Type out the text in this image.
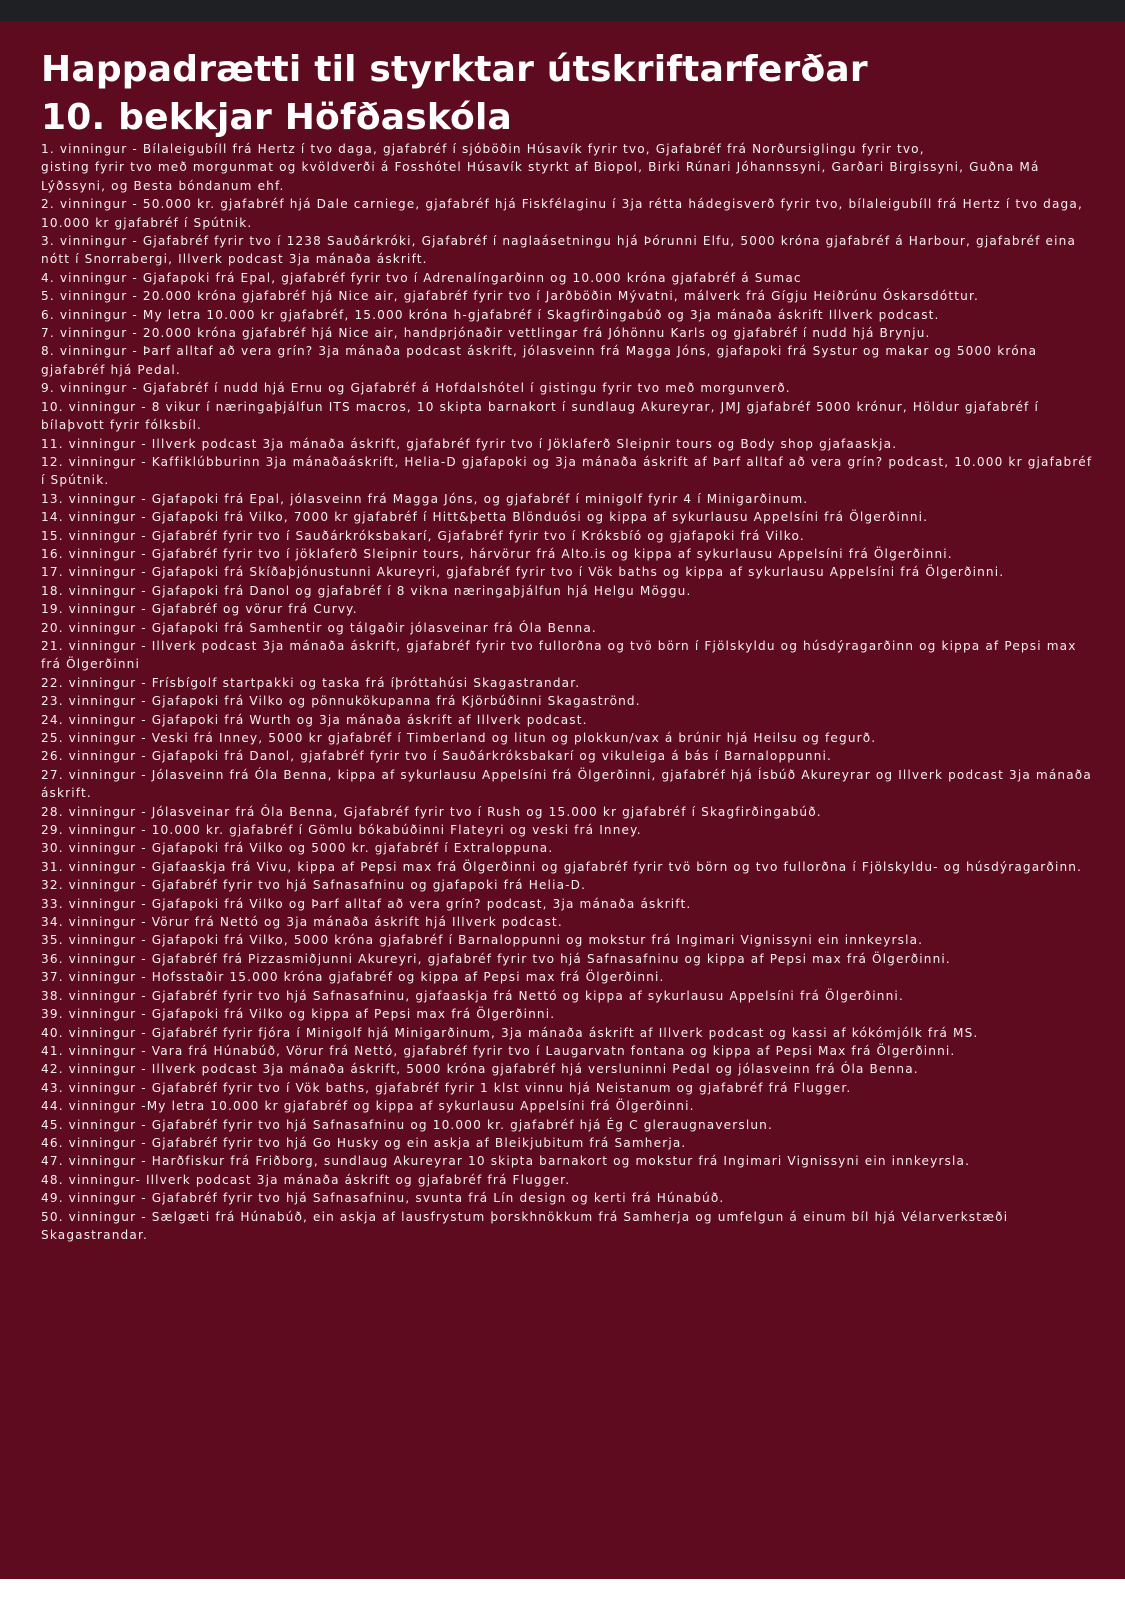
Happadrætti til styrktar útskriftarferðar
10. bekkjar Höfðaskóla
1. vinningur - Bílaleigubíll frá Hertz í tvo daga, gjafabréf í sjóböðin Húsavík fyrir tvo, Gjafabréf frá Norðursiglingu fyrir tvo,
gisting fyrir tvo með morgunmat og kvöldverði á Fosshótel Húsavík styrkt af Biopol, Birki Rúnari Jóhannssyni, Garðari Birgissyni, Guðna Má Lýðssyni, og Besta bóndanum ehf.
2. vinningur - 50.000 kr. gjafabréf hjá Dale carniege, gjafabréf hjá Fiskfélaginu í 3ja rétta hádegisverð fyrir tvo, bílaleigubíll frá Hertz í tvo daga, 10.000 kr gjafabréf í Spútnik.
3. vinningur - Gjafabréf fyrir tvo í 1238 Sauðárkróki, Gjafabréf í naglaásetningu hjá Þórunni Elfu, 5000 króna gjafabréf á Harbour, gjafabréf eina nótt í Snorrabergi, Illverk podcast 3ja mánaða áskrift.
4. vinningur - Gjafapoki frá Epal, gjafabréf fyrir tvo í Adrenalíngarðinn og 10.000 króna gjafabréf á Sumac
5. vinningur - 20.000 króna gjafabréf hjá Nice air, gjafabréf fyrir tvo í Jarðböðin Mývatni, málverk frá Gígju Heiðrúnu Óskarsdóttur.
6. vinningur - My letra 10.000 kr gjafabréf, 15.000 króna h-gjafabréf í Skagfirðingabúð og 3ja mánaða áskrift Illverk podcast.
7. vinningur - 20.000 króna gjafabréf hjá Nice air, handprjónaðir vettlingar frá Jóhönnu Karls og gjafabréf í nudd hjá Brynju.
8. vinningur - Þarf alltaf að vera grín? 3ja mánaða podcast áskrift, jólasveinn frá Magga Jóns, gjafapoki frá Systur og makar og 5000 króna gjafabréf hjá Pedal.
9. vinningur - Gjafabréf í nudd hjá Ernu og Gjafabréf á Hofdalshótel í gistingu fyrir tvo með morgunverð.
10. vinningur - 8 vikur í næringaþjálfun ITS macros, 10 skipta barnakort í sundlaug Akureyrar, JMJ gjafabréf 5000 krónur, Höldur gjafabréf í bílaþvott fyrir fólksbíl.
11. vinningur - Illverk podcast 3ja mánaða áskrift, gjafabréf fyrir tvo í Jöklaferð Sleipnir tours og Body shop gjafaaskja.
12. vinningur - Kaffiklúbburinn 3ja mánaðaáskrift, Helia-D gjafapoki og 3ja mánaða áskrift af Þarf alltaf að vera grín? podcast, 10.000 kr gjafabréf í Spútnik.
13. vinningur - Gjafapoki frá Epal, jólasveinn frá Magga Jóns, og gjafabréf í minigolf fyrir 4 í Minigarðinum.
14. vinningur - Gjafapoki frá Vilko, 7000 kr gjafabréf í Hitt&þetta Blönduósi og kippa af sykurlausu Appelsíni frá Ölgerðinni.
15. vinningur - Gjafabréf fyrir tvo í Sauðárkróksbakarí, Gjafabréf fyrir tvo í Króksbíó og gjafapoki frá Vilko.
16. vinningur - Gjafabréf fyrir tvo í jöklaferð Sleipnir tours, hárvörur frá Alto.is og kippa af sykurlausu Appelsíni frá Ölgerðinni.
17. vinningur - Gjafapoki frá Skíðaþjónustunni Akureyri, gjafabréf fyrir tvo í Vök baths og kippa af sykurlausu Appelsíni frá Ölgerðinni.
18. vinningur - Gjafapoki frá Danol og gjafabréf í 8 vikna næringaþjálfun hjá Helgu Möggu.
19. vinningur - Gjafabréf og vörur frá Curvy.
20. vinningur - Gjafapoki frá Samhentir og tálgaðir jólasveinar frá Óla Benna.
21. vinningur - Illverk podcast 3ja mánaða áskrift, gjafabréf fyrir tvo fullorðna og tvö börn í Fjölskyldu og húsdýragarðinn og kippa af Pepsi max frá Ölgerðinni
22. vinningur - Frísbígolf startpakki og taska frá íþróttahúsi Skagastrandar.
23. vinningur - Gjafapoki frá Vilko og pönnukökupanna frá Kjörbúðinni Skagaströnd.
24. vinningur - Gjafapoki frá Wurth og 3ja mánaða áskrift af Illverk podcast.
25. vinningur - Veski frá Inney, 5000 kr gjafabréf í Timberland og litun og plokkun/vax á brúnir hjá Heilsu og fegurð.
26. vinningur - Gjafapoki frá Danol, gjafabréf fyrir tvo í Sauðárkróksbakarí og vikuleiga á bás í Barnaloppunni.
27. vinningur - Jólasveinn frá Óla Benna, kippa af sykurlausu Appelsíni frá Ölgerðinni, gjafabréf hjá Ísbúð Akureyrar og Illverk podcast 3ja mánaða áskrift.
28. vinningur - Jólasveinar frá Óla Benna, Gjafabréf fyrir tvo í Rush og 15.000 kr gjafabréf í Skagfirðingabúð.
29. vinningur - 10.000 kr. gjafabréf í Gömlu bókabúðinni Flateyri og veski frá Inney.
30. vinningur - Gjafapoki frá Vilko og 5000 kr. gjafabréf í Extraloppuna.
31. vinningur - Gjafaaskja frá Vivu, kippa af Pepsi max frá Ölgerðinni og gjafabréf fyrir tvö börn og tvo fullorðna í Fjölskyldu- og húsdýragarðinn.
32. vinningur - Gjafabréf fyrir tvo hjá Safnasafninu og gjafapoki frá Helia-D.
33. vinningur - Gjafapoki frá Vilko og Þarf alltaf að vera grín? podcast, 3ja mánaða áskrift.
34. vinningur - Vörur frá Nettó og 3ja mánaða áskrift hjá Illverk podcast.
35. vinningur - Gjafapoki frá Vilko, 5000 króna gjafabréf í Barnaloppunni og mokstur frá Ingimari Vignissyni ein innkeyrsla.
36. vinningur - Gjafabréf frá Pizzasmiðjunni Akureyri, gjafabréf fyrir tvo hjá Safnasafninu og kippa af Pepsi max frá Ölgerðinni.
37. vinningur - Hofsstaðir 15.000 króna gjafabréf og kippa af Pepsi max frá Ölgerðinni.
38. vinningur - Gjafabréf fyrir tvo hjá Safnasafninu, gjafaaskja frá Nettó og kippa af sykurlausu Appelsíni frá Ölgerðinni.
39. vinningur - Gjafapoki frá Vilko og kippa af Pepsi max frá Ölgerðinni.
40. vinningur - Gjafabréf fyrir fjóra í Minigolf hjá Minigarðinum, 3ja mánaða áskrift af Illverk podcast og kassi af kókómjólk frá MS.
41. vinningur - Vara frá Húnabúð, Vörur frá Nettó, gjafabréf fyrir tvo í Laugarvatn fontana og kippa af Pepsi Max frá Ölgerðinni.
42. vinningur - Illverk podcast 3ja mánaða áskrift, 5000 króna gjafabréf hjá versluninni Pedal og jólasveinn frá Óla Benna.
43. vinningur - Gjafabréf fyrir tvo í Vök baths, gjafabréf fyrir 1 klst vinnu hjá Neistanum og gjafabréf frá Flugger.
44. vinningur -My letra 10.000 kr gjafabréf og kippa af sykurlausu Appelsíni frá Ölgerðinni.
45. vinningur - Gjafabréf fyrir tvo hjá Safnasafninu og 10.000 kr. gjafabréf hjá Ég C gleraugnaverslun.
46. vinningur - Gjafabréf fyrir tvo hjá Go Husky og ein askja af Bleikjubitum frá Samherja.
47. vinningur - Harðfiskur frá Friðborg, sundlaug Akureyrar 10 skipta barnakort og mokstur frá Ingimari Vignissyni ein innkeyrsla.
48. vinningur- Illverk podcast 3ja mánaða áskrift og gjafabréf frá Flugger.
49. vinningur - Gjafabréf fyrir tvo hjá Safnasafninu, svunta frá Lín design og kerti frá Húnabúð.
50. vinningur - Sælgæti frá Húnabúð, ein askja af lausfrystum þorskhnökkum frá Samherja og umfelgun á einum bíl hjá Vélarverkstæði Skagastrandar.
